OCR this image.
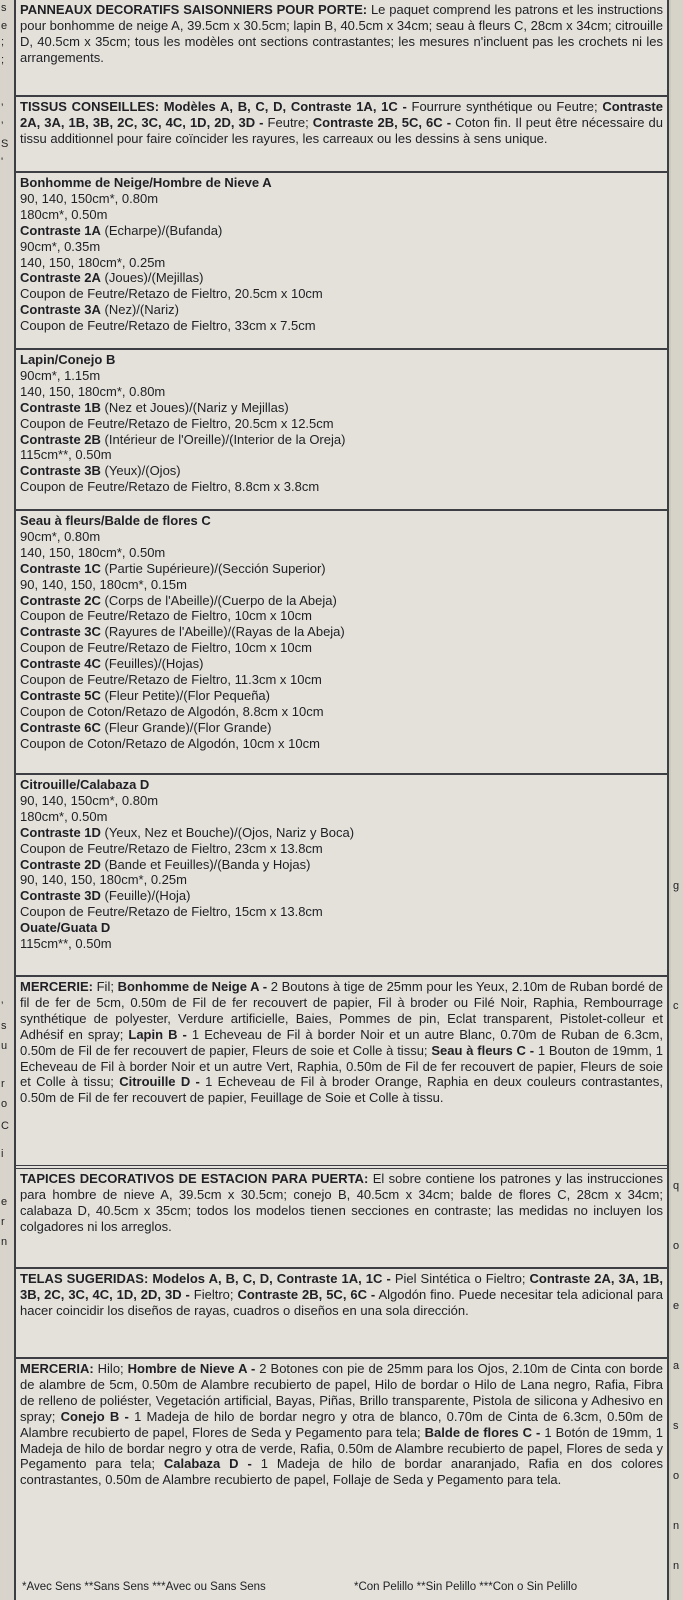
s
e
;
;
’
’
S
'
’
s
u
r
o
C
i
e
r
n
g
c
q
o
e
a
s
o
n
n

PANNEAUX DECORATIFS SAISONNIERS POUR PORTE: Le paquet comprend les patrons et les instructions pour bonhomme de neige A, 39.5cm x 30.5cm; lapin B, 40.5cm x 34cm; seau à fleurs C, 28cm x 34cm; citrouille D, 40.5cm x 35cm; tous les modèles ont sections contrastantes; les mesures n'incluent pas les crochets ni les arrangements.

TISSUS CONSEILLES: Modèles A, B, C, D, Contraste 1A, 1C - Fourrure synthétique ou Feutre; Contraste 2A, 3A, 1B, 3B, 2C, 3C, 4C, 1D, 2D, 3D - Feutre; Contraste 2B, 5C, 6C - Coton fin. Il peut être nécessaire du tissu additionnel pour faire coïncider les rayures, les carreaux ou les dessins à sens unique.

Bonhomme de Neige/Hombre de Nieve A

90, 140, 150cm*, 0.80m

180cm*, 0.50m

Contraste 1A (Echarpe)/(Bufanda)

90cm*, 0.35m

140, 150, 180cm*, 0.25m

Contraste 2A (Joues)/(Mejillas)

Coupon de Feutre/Retazo de Fieltro, 20.5cm x 10cm

Contraste 3A (Nez)/(Nariz)

Coupon de Feutre/Retazo de Fieltro, 33cm x 7.5cm

Lapin/Conejo B

90cm*, 1.15m

140, 150, 180cm*, 0.80m

Contraste 1B (Nez et Joues)/(Nariz y Mejillas)

Coupon de Feutre/Retazo de Fieltro, 20.5cm x 12.5cm

Contraste 2B (Intérieur de l'Oreille)/(Interior de la Oreja)

115cm**, 0.50m

Contraste 3B (Yeux)/(Ojos)

Coupon de Feutre/Retazo de Fieltro, 8.8cm x 3.8cm

Seau à fleurs/Balde de flores C

90cm*, 0.80m

140, 150, 180cm*, 0.50m

Contraste 1C (Partie Supérieure)/(Sección Superior)

90, 140, 150, 180cm*, 0.15m

Contraste 2C (Corps de l'Abeille)/(Cuerpo de la Abeja)

Coupon de Feutre/Retazo de Fieltro, 10cm x 10cm

Contraste 3C (Rayures de l'Abeille)/(Rayas de la Abeja)

Coupon de Feutre/Retazo de Fieltro, 10cm x 10cm

Contraste 4C (Feuilles)/(Hojas)

Coupon de Feutre/Retazo de Fieltro, 11.3cm x 10cm

Contraste 5C (Fleur Petite)/(Flor Pequeña)

Coupon de Coton/Retazo de Algodón, 8.8cm x 10cm

Contraste 6C (Fleur Grande)/(Flor Grande)

Coupon de Coton/Retazo de Algodón, 10cm x 10cm

Citrouille/Calabaza D

90, 140, 150cm*, 0.80m

180cm*, 0.50m

Contraste 1D (Yeux, Nez et Bouche)/(Ojos, Nariz y Boca)

Coupon de Feutre/Retazo de Fieltro, 23cm x 13.8cm

Contraste 2D (Bande et Feuilles)/(Banda y Hojas)

90, 140, 150, 180cm*, 0.25m

Contraste 3D (Feuille)/(Hoja)

Coupon de Feutre/Retazo de Fieltro, 15cm x 13.8cm

Ouate/Guata D

115cm**, 0.50m

MERCERIE: Fil; Bonhomme de Neige A - 2 Boutons à tige de 25mm pour les Yeux, 2.10m de Ruban bordé de fil de fer de 5cm, 0.50m de Fil de fer recouvert de papier, Fil à broder ou Filé Noir, Raphia, Rembourrage synthétique de polyester, Verdure artificielle, Baies, Pommes de pin, Eclat transparent, Pistolet-colleur et Adhésif en spray; Lapin B - 1 Echeveau de Fil à border Noir et un autre Blanc, 0.70m de Ruban de 6.3cm, 0.50m de Fil de fer recouvert de papier, Fleurs de soie et Colle à tissu; Seau à fleurs C - 1 Bouton de 19mm, 1 Echeveau de Fil à border Noir et un autre Vert, Raphia, 0.50m de Fil de fer recouvert de papier, Fleurs de soie et Colle à tissu; Citrouille D - 1 Echeveau de Fil à broder Orange, Raphia en deux couleurs contrastantes, 0.50m de Fil de fer recouvert de papier, Feuillage de Soie et Colle à tissu.

TAPICES DECORATIVOS DE ESTACION PARA PUERTA: El sobre contiene los patrones y las instrucciones para hombre de nieve A, 39.5cm x 30.5cm; conejo B, 40.5cm x 34cm; balde de flores C, 28cm x 34cm; calabaza D, 40.5cm x 35cm; todos los modelos tienen secciones en contraste; las medidas no incluyen los colgadores ni los arreglos.

TELAS SUGERIDAS: Modelos A, B, C, D, Contraste 1A, 1C - Piel Sintética o Fieltro; Contraste 2A, 3A, 1B, 3B, 2C, 3C, 4C, 1D, 2D, 3D - Fieltro; Contraste 2B, 5C, 6C - Algodón fino. Puede necesitar tela adicional para hacer coincidir los diseños de rayas, cuadros o diseños en una sola dirección.

MERCERIA: Hilo; Hombre de Nieve A - 2 Botones con pie de 25mm para los Ojos, 2.10m de Cinta con borde de alambre de 5cm, 0.50m de Alambre recubierto de papel, Hilo de bordar o Hilo de Lana negro, Rafia, Fibra de relleno de poliéster, Vegetación artificial, Bayas, Piñas, Brillo transparente, Pistola de silicona y Adhesivo en spray; Conejo B - 1 Madeja de hilo de bordar negro y otra de blanco, 0.70m de Cinta de 6.3cm, 0.50m de Alambre recubierto de papel, Flores de Seda y Pegamento para tela; Balde de flores C - 1 Botón de 19mm, 1 Madeja de hilo de bordar negro y otra de verde, Rafia, 0.50m de Alambre recubierto de papel, Flores de seda y Pegamento para tela; Calabaza D - 1 Madeja de hilo de bordar anaranjado, Rafia en dos colores contrastantes, 0.50m de Alambre recubierto de papel, Follaje de Seda y Pegamento para tela.

*Avec Sens **Sans Sens ***Avec ou Sans Sens	*Con Pelillo **Sin Pelillo ***Con o Sin Pelillo
